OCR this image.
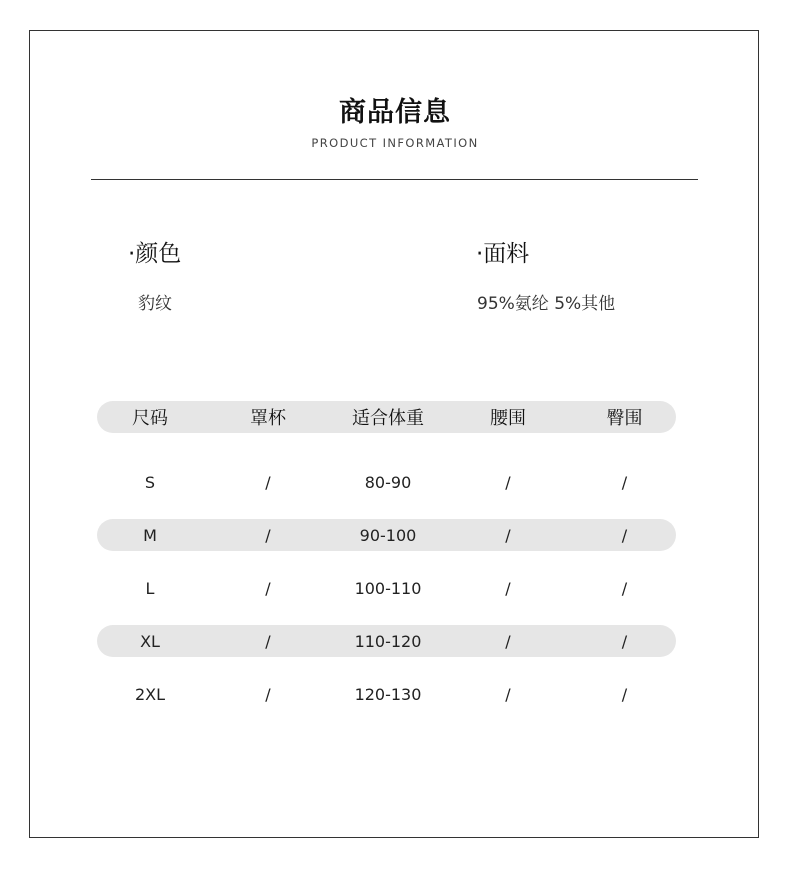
商品信息
PRODUCT INFORMATION
·颜色
豹纹
·面料
95%氨纶 5%其他
尺码	罩杯	适合体重	腰围	臀围
S	/	80-90	/	/
M	/	90-100	/	/
L	/	100-110	/	/
XL	/	110-120	/	/
2XL	/	120-130	/	/
